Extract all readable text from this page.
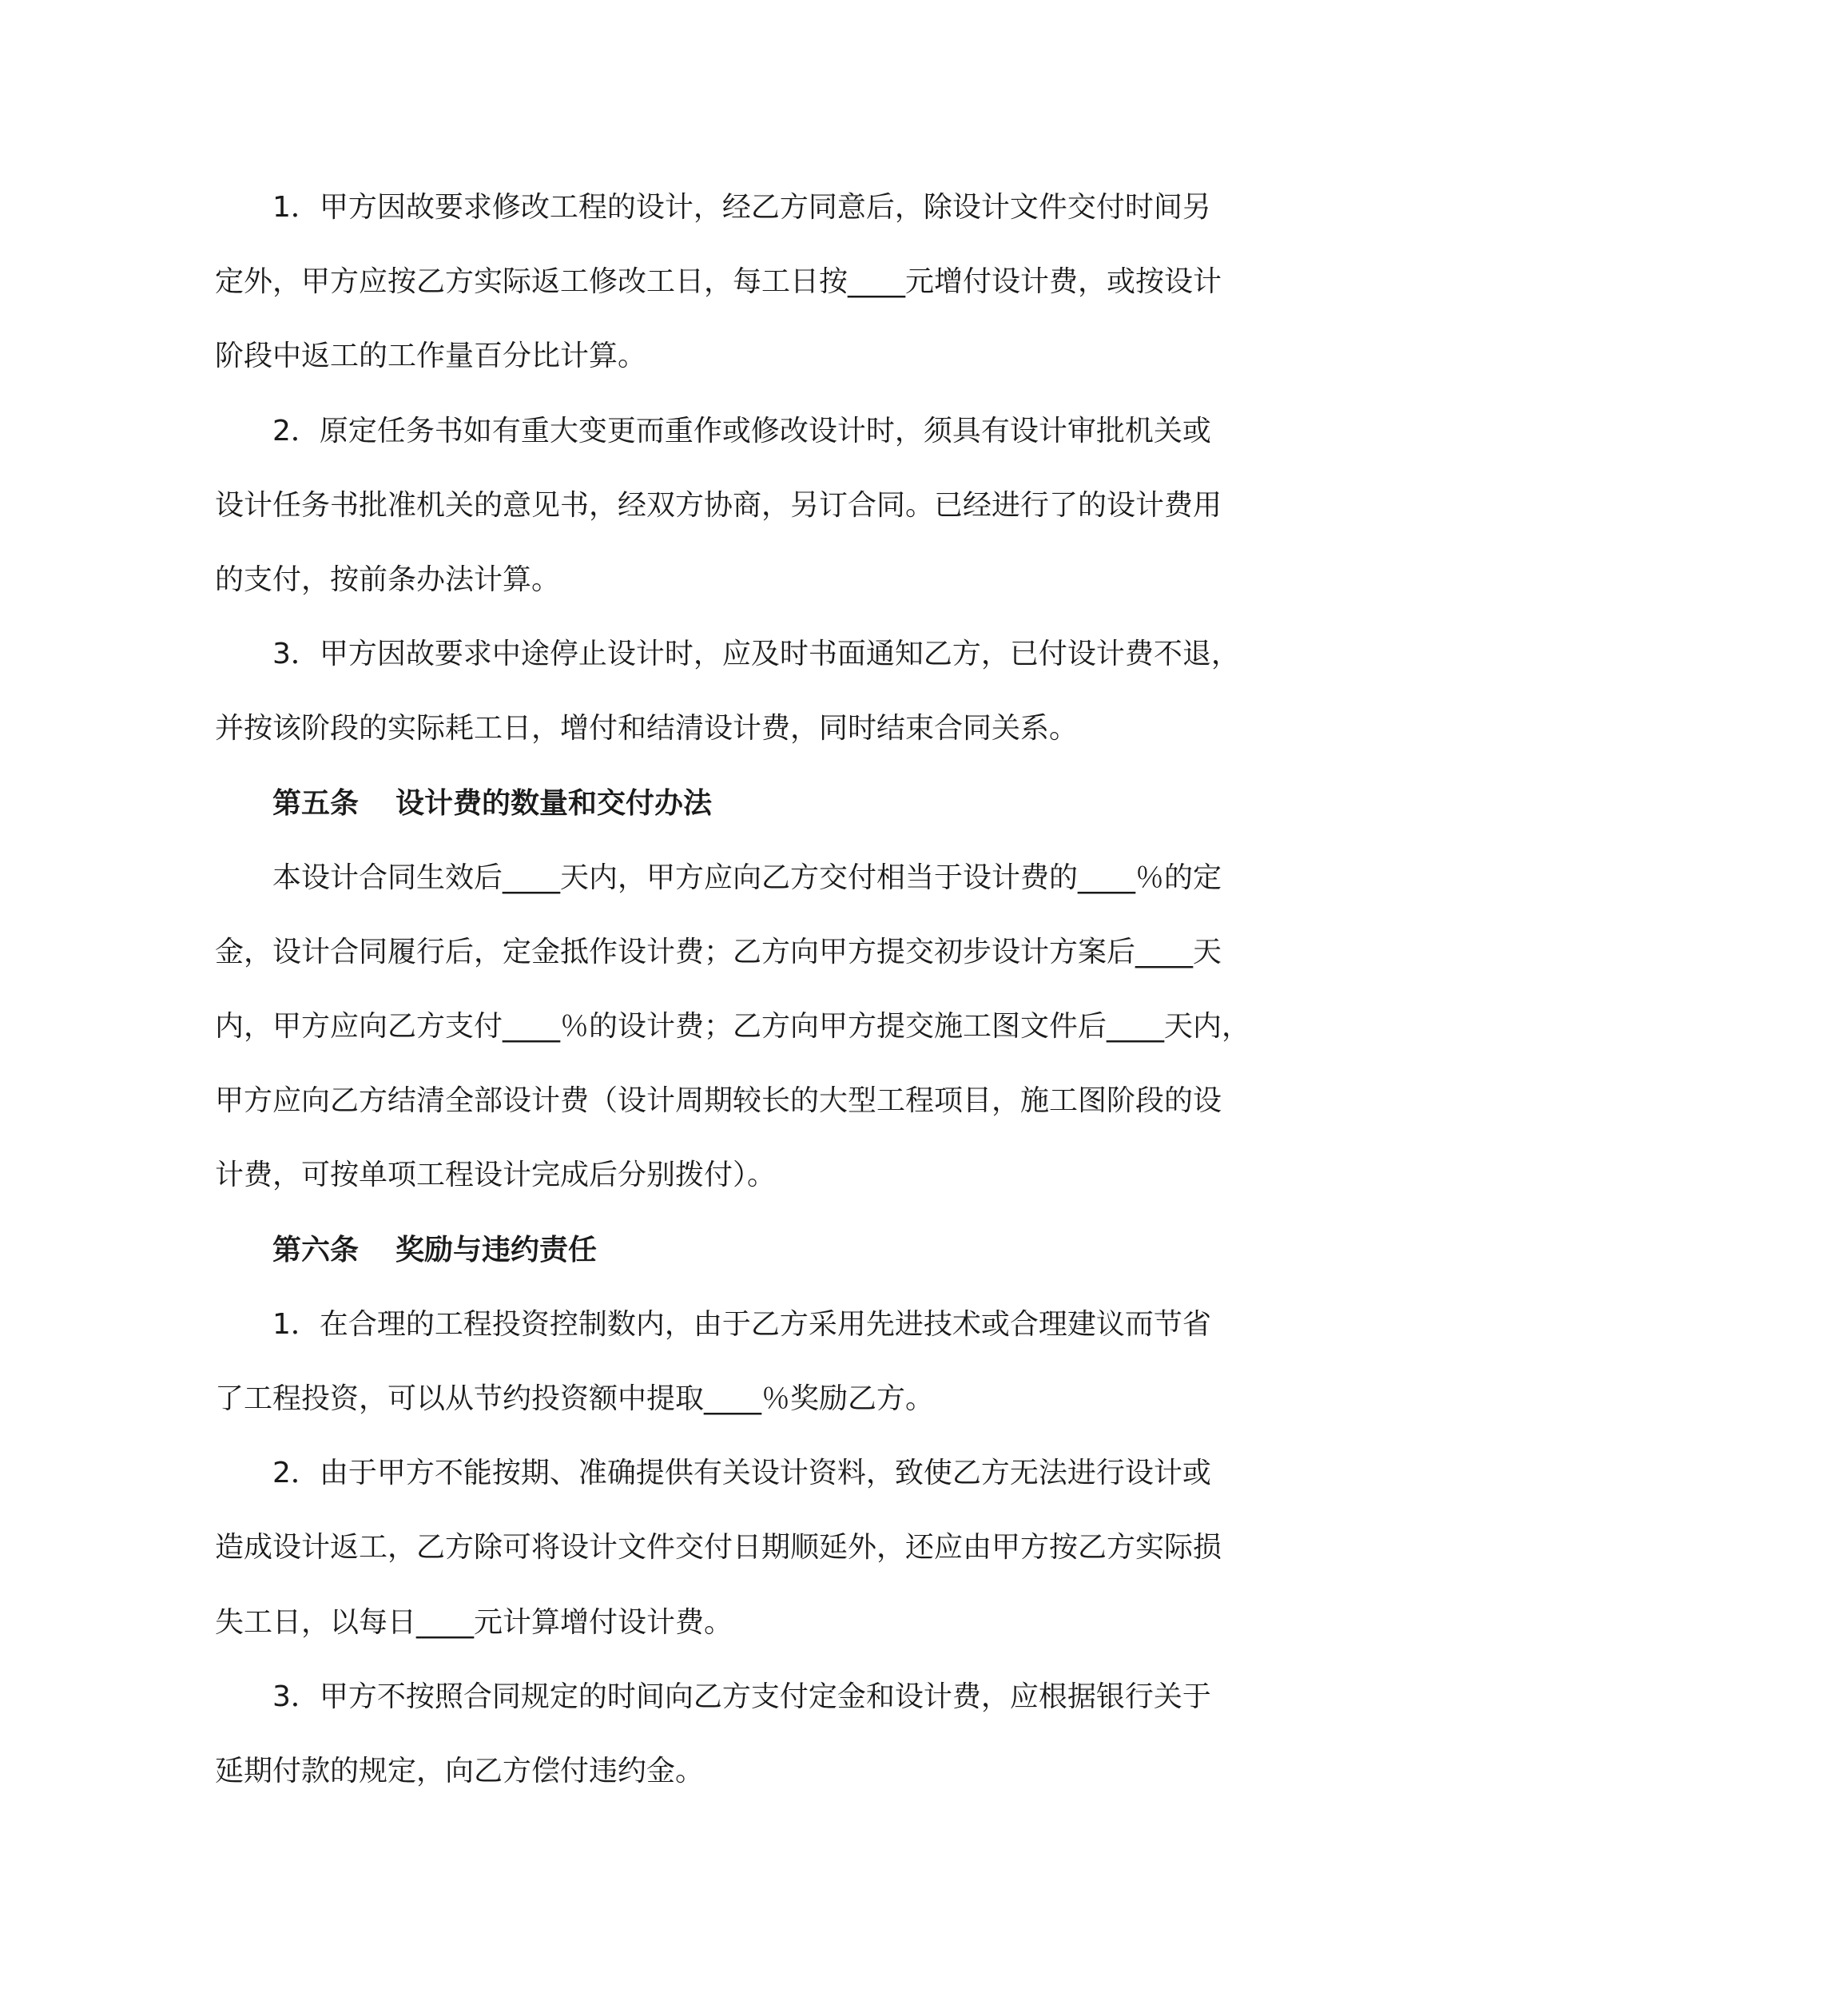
1．甲方因故要求修改工程的设计，经乙方同意后，除设计文件交付时间另
定外，甲方应按乙方实际返工修改工日，每工日按____元增付设计费，或按设计
阶段中返工的工作量百分比计算。
2．原定任务书如有重大变更而重作或修改设计时，须具有设计审批机关或
设计任务书批准机关的意见书，经双方协商，另订合同。已经进行了的设计费用
的支付，按前条办法计算。
3．甲方因故要求中途停止设计时，应及时书面通知乙方，已付设计费不退，
并按该阶段的实际耗工日，增付和结清设计费，同时结束合同关系。
第五条 设计费的数量和交付办法
本设计合同生效后____天内，甲方应向乙方交付相当于设计费的____％的定
金，设计合同履行后，定金抵作设计费；乙方向甲方提交初步设计方案后____天
内，甲方应向乙方支付____％的设计费；乙方向甲方提交施工图文件后____天内，
甲方应向乙方结清全部设计费（设计周期较长的大型工程项目，施工图阶段的设
计费，可按单项工程设计完成后分别拨付）。
第六条 奖励与违约责任
1．在合理的工程投资控制数内，由于乙方采用先进技术或合理建议而节省
了工程投资，可以从节约投资额中提取____％奖励乙方。
2．由于甲方不能按期、准确提供有关设计资料，致使乙方无法进行设计或
造成设计返工，乙方除可将设计文件交付日期顺延外，还应由甲方按乙方实际损
失工日，以每日____元计算增付设计费。
3．甲方不按照合同规定的时间向乙方支付定金和设计费，应根据银行关于
延期付款的规定，向乙方偿付违约金。
